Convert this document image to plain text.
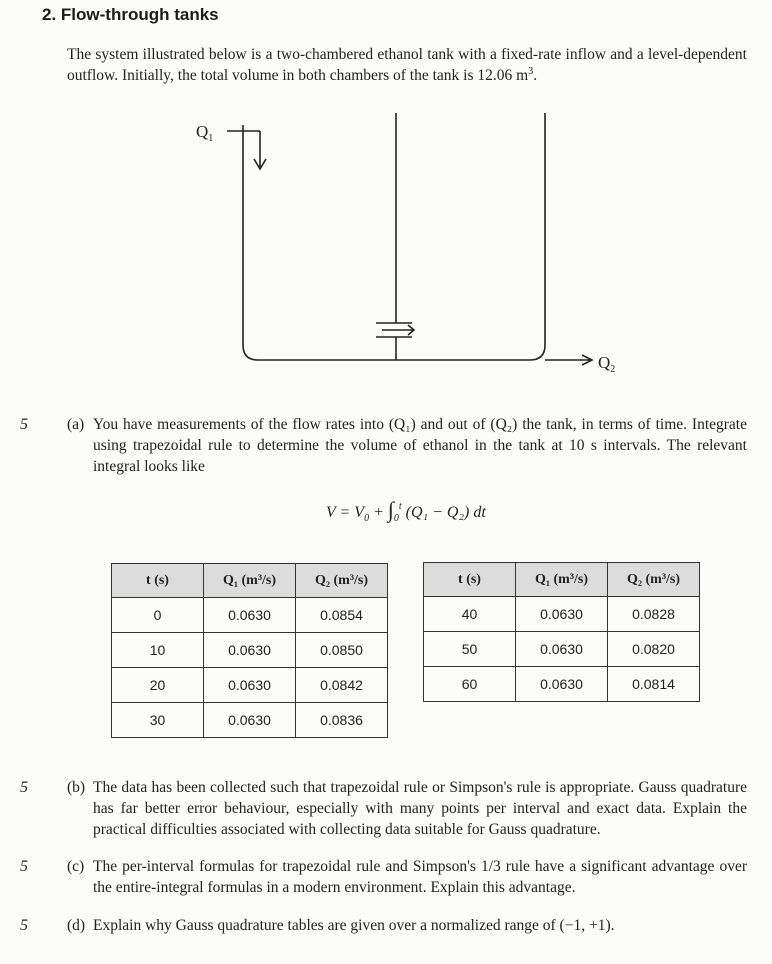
2. Flow-through tanks
The system illustrated below is a two-chambered ethanol tank with a fixed-rate inflow and a level-dependent outflow. Initially, the total volume in both chambers of the tank is 12.06 $m^3$.
$Q_1$
$Q_2$
5	(a) You have measurements of the flow rates into (Q₁) and out of (Q₂) the tank, in terms of time. Integrate using trapezoidal rule to determine the volume of ethanol in the tank at 10 s intervals. The relevant integral looks like
$V = V_0 + \int_0^t$ (Q₁ − Q₂) dt
t (s)	Q₁ (m³/s)	Q₂ (m³/s)
0	0.0630	0.0854
10	0.0630	0.0850
20	0.0630	0.0842
30	0.0630	0.0836
t (s)	Q₁ (m³/s)	Q₂ (m³/s)
40	0.0630	0.0828
50	0.0630	0.0820
60	0.0630	0.0814
5	(b) The data has been collected such that trapezoidal rule or Simpson's rule is appropriate. Gauss quadrature has far better error behaviour, especially with many points per interval and exact data. Explain the practical difficulties associated with collecting data suitable for Gauss quadrature.
5	(c) The per-interval formulas for trapezoidal rule and Simpson's 1/3 rule have a significant advantage over the entire-integral formulas in a modern environment. Explain this advantage.
5	(d) Explain why Gauss quadrature tables are given over a normalized range of (−1, +1).
